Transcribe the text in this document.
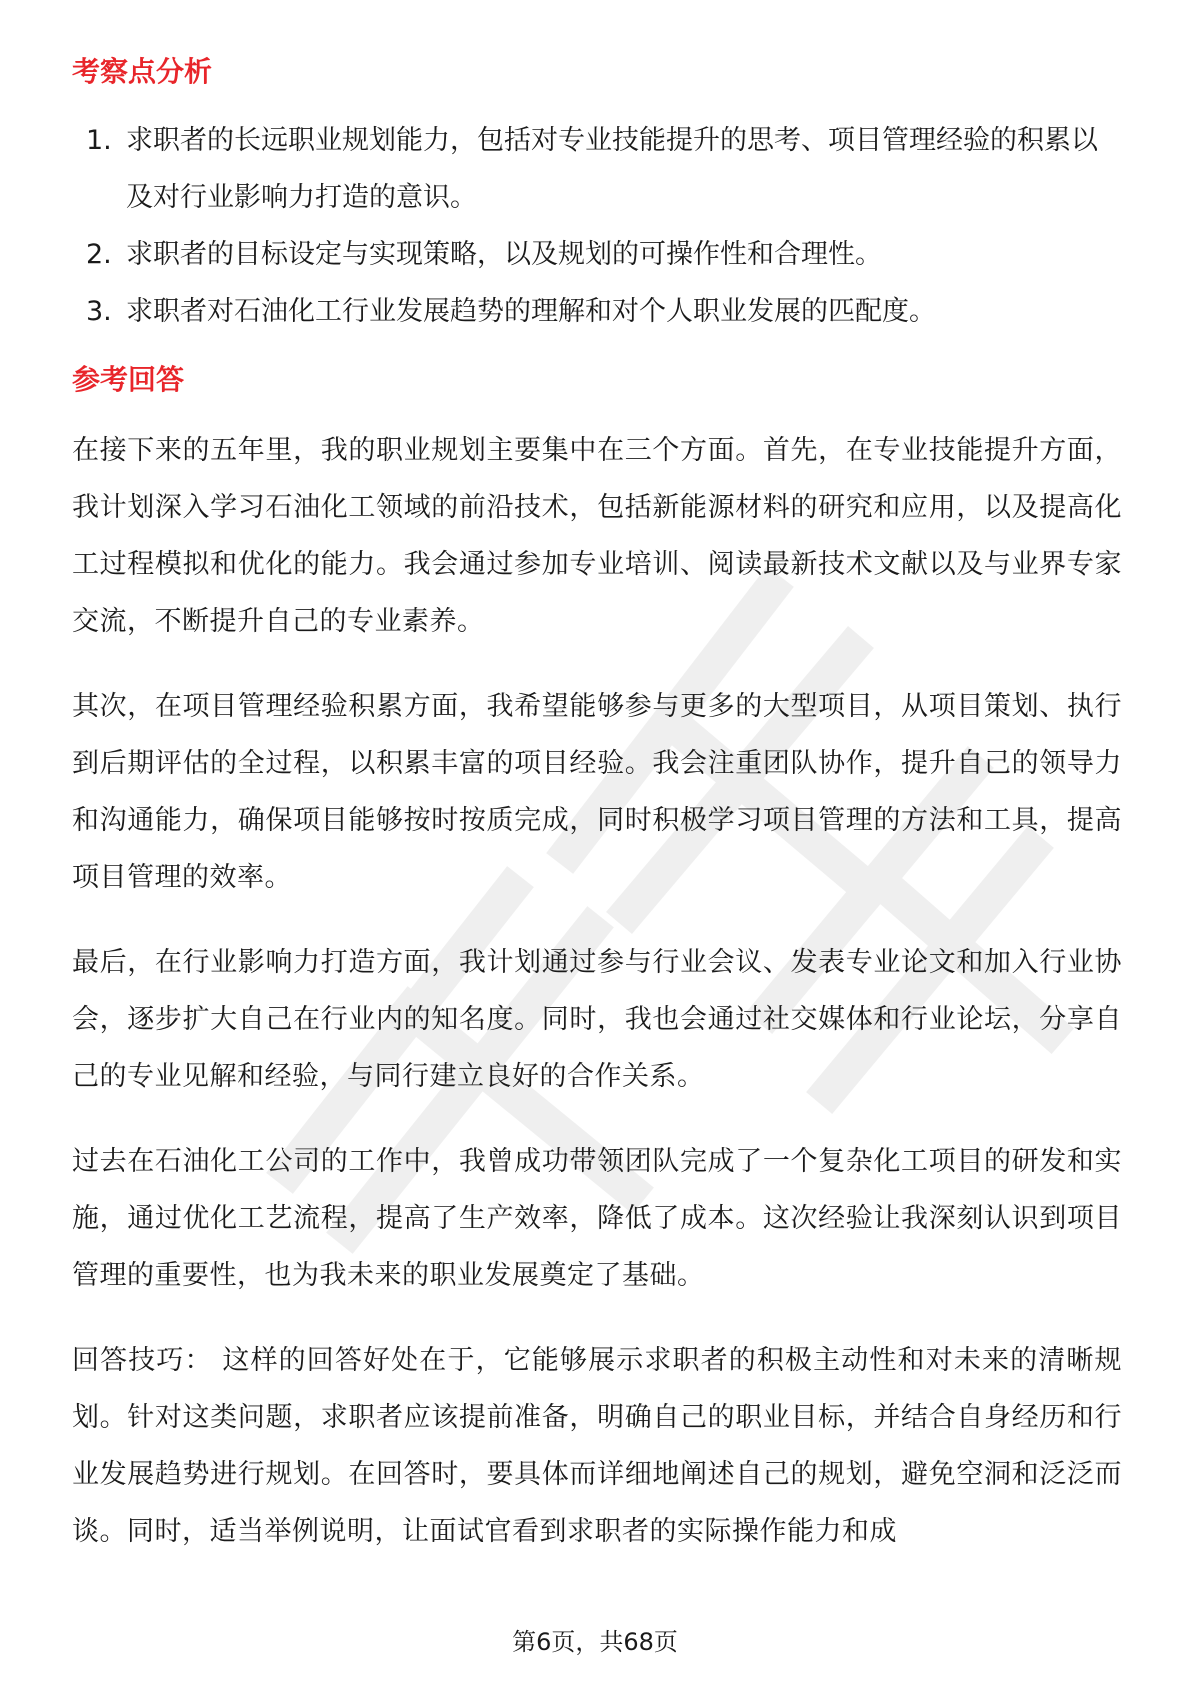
考察点分析
1. 求职者的长远职业规划能力，包括对专业技能提升的思考、项目管理经验的积累以及对行业影响力打造的意识。
2. 求职者的目标设定与实现策略，以及规划的可操作性和合理性。
3. 求职者对石油化工行业发展趋势的理解和对个人职业发展的匹配度。
参考回答

在接下来的五年里，我的职业规划主要集中在三个方面。首先，在专业技能提升方面，我计划深入学习石油化工领域的前沿技术，包括新能源材料的研究和应用，以及提高化工过程模拟和优化的能力。我会通过参加专业培训、阅读最新技术文献以及与业界专家交流，不断提升自己的专业素养。

其次，在项目管理经验积累方面，我希望能够参与更多的大型项目，从项目策划、执行到后期评估的全过程，以积累丰富的项目经验。我会注重团队协作，提升自己的领导力和沟通能力，确保项目能够按时按质完成，同时积极学习项目管理的方法和工具，提高项目管理的效率。

最后，在行业影响力打造方面，我计划通过参与行业会议、发表专业论文和加入行业协会，逐步扩大自己在行业内的知名度。同时，我也会通过社交媒体和行业论坛，分享自己的专业见解和经验，与同行建立良好的合作关系。

过去在石油化工公司的工作中，我曾成功带领团队完成了一个复杂化工项目的研发和实施，通过优化工艺流程，提高了生产效率，降低了成本。这次经验让我深刻认识到项目管理的重要性，也为我未来的职业发展奠定了基础。

回答技巧： 这样的回答好处在于，它能够展示求职者的积极主动性和对未来的清晰规划。针对这类问题，求职者应该提前准备，明确自己的职业目标，并结合自身经历和行业发展趋势进行规划。在回答时，要具体而详细地阐述自己的规划，避免空洞和泛泛而谈。同时，适当举例说明，让面试官看到求职者的实际操作能力和成

第6页，共68页
